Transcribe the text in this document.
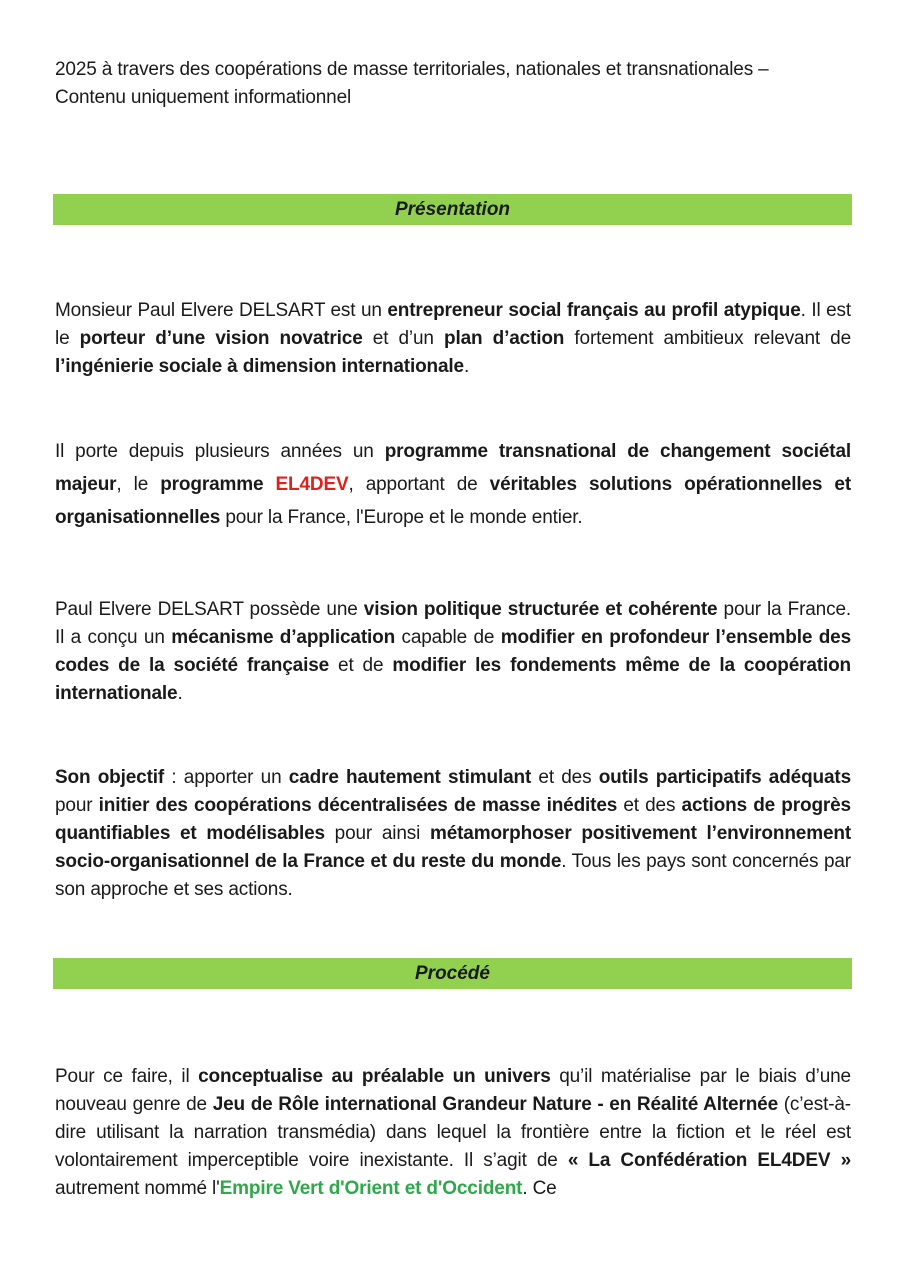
2025 à travers des coopérations de masse territoriales, nationales et transnationales –
Contenu uniquement informationnel

Présentation

Monsieur Paul Elvere DELSART est un entrepreneur social français au profil atypique. Il est le porteur d’une vision novatrice et d’un plan d’action fortement ambitieux relevant de l’ingénierie sociale à dimension internationale.

Il porte depuis plusieurs années un programme transnational de changement sociétal majeur, le programme EL4DEV, apportant de véritables solutions opérationnelles et organisationnelles pour la France, l'Europe et le monde entier.

Paul Elvere DELSART possède une vision politique structurée et cohérente pour la France. Il a conçu un mécanisme d’application capable de modifier en profondeur l’ensemble des codes de la société française et de modifier les fondements même de la coopération internationale.

Son objectif : apporter un cadre hautement stimulant et des outils participatifs adéquats pour initier des coopérations décentralisées de masse inédites et des actions de progrès quantifiables et modélisables pour ainsi métamorphoser positivement l’environnement socio-organisationnel de la France et du reste du monde. Tous les pays sont concernés par son approche et ses actions.

Procédé

Pour ce faire, il conceptualise au préalable un univers qu’il matérialise par le biais d’une nouveau genre de Jeu de Rôle international Grandeur Nature - en Réalité Alternée (c’est-à-dire utilisant la narration transmédia) dans lequel la frontière entre la fiction et le réel est volontairement imperceptible voire inexistante. Il s’agit de « La Confédération EL4DEV » autrement nommé l'Empire Vert d'Orient et d'Occident. Ce
